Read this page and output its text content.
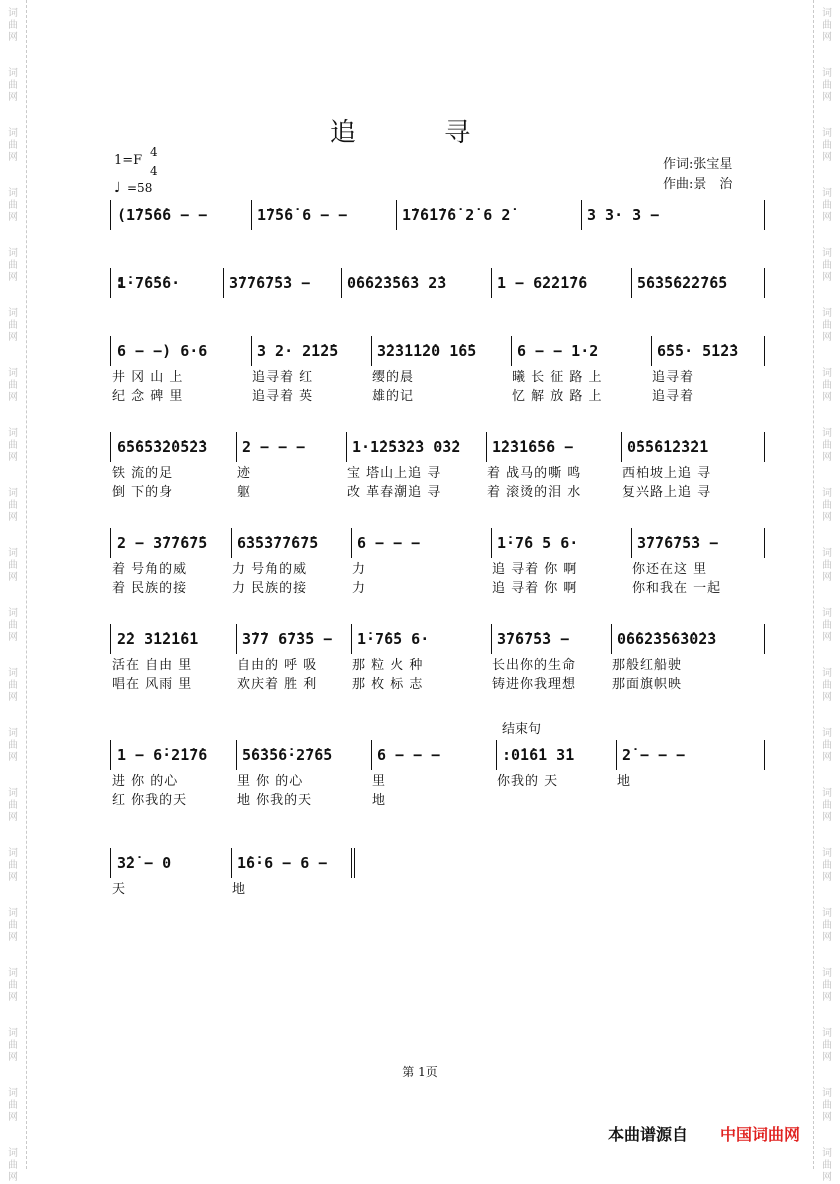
词
曲
网
词
曲
网
词
曲
网
词
曲
网
词
曲
网
词
曲
网
词
曲
网
词
曲
网
词
曲
网
词
曲
网
词
曲
网
词
曲
网
词
曲
网
词
曲
网
词
曲
网
词
曲
网
词
曲
网
词
曲
网
词
曲
网
词
曲
网
词
曲
网
词
曲
网
词
曲
网
词
曲
网
词
曲
网
词
曲
网
词
曲
网
词
曲
网
词
曲
网
词
曲
网
词
曲
网
词
曲
网
词
曲
网
词
曲
网
词
曲
网
词
曲
网
词
曲
网
词
曲
网
词
曲
网
词
曲
网
追 寻
1=F
4
4
♩ =58
作词:张宝星
作曲:景　治
结束句
(1̇7̇5̇6̇6 − −	1̇7̇5̇6̇ 6 − −	1̇7̇6̇1̇7̇6̇ 2̇ 6 2̇	3 3· 3 −
: 1̇·7̇6̇5̇6·	3̇7̇7̇6̇7̇5̇3 − 0̇6̇6̇2̇3̇5̇6̇3 2̇3	1 − 6̇2̇2̇1̇7̇6	5̇6̇3̇5̇6̇2̇2̇7̇6̇5
6 − −) 6·6	3 2· 2̇1̇2̇5	3̇2̇3̇1̇1̇2̇0 1̇6̇5	6 − − 1·2	6̇5̇5· 5̇1̇2̇3
井 冈 山 上	追寻着 红	缨的晨	曦 长 征 路 上	追寻着
纪 念 碑 里	追寻着 英	雄的记	忆 解 放 路 上	追寻着
6̇5̇6̇5̇3̇2̇0̇5̇2̇3 2 − − −	1·1̇2̇5̇3̇2̇3 0̇3̇2 1̇2̇3̇1̇6̇5̇6 −	0̇5̇5̇6̇1̇2̇3̇2̇1
铁 流的足	迹	宝 塔山上追 寻	着 战马的嘶 鸣	西柏坡上追 寻
倒 下的身	躯	改 革春潮追 寻	着 滚烫的泪 水	复兴路上追 寻
2 − 3̇7̇7̇6̇7̇5 6̇3̇5̇3̇7̇7̇6̇7̇5	6 − − −	1̇·7̇6 5 6·	3̇7̇7̇6̇7̇5̇3 −
着 号角的威	力 号角的威	力	追 寻着 你 啊	你还在这 里
着 民族的接	力 民族的接	力	追 寻着 你 啊	你和我在 一起
2̇2 3̇1̇2̇1̇6̇1	3̇7̇7 6̇7̇3̇5 − 1̇·7̇6̇5 6·	3̇7̇6̇7̇5̇3 −	0̇6̇6̇2̇3̇5̇6̇3̇0̇2̇3
活在 自由 里	自由的 呼 吸	那 粒 火 种	长出你的生命	那般红船驶
唱在 风雨 里	欢庆着 胜 利	那 枚 标 志	铸进你我理想	那面旗帜映
1 − 6̇·2̇1̇7̇6 5̇6̇3̇5̇6̇·2̇7̇6̇5	6 − − −	:0̇1̇6̇1 3̇1	2̇ − − −
进 你 的心	里 你 的心	里	你我的 天	地
红 你我的天	地 你我的天	地
3̇2̇ − 0	1̇6̇·6 − 6 −
天	地
第 1页
本曲谱源自 中国词曲网
